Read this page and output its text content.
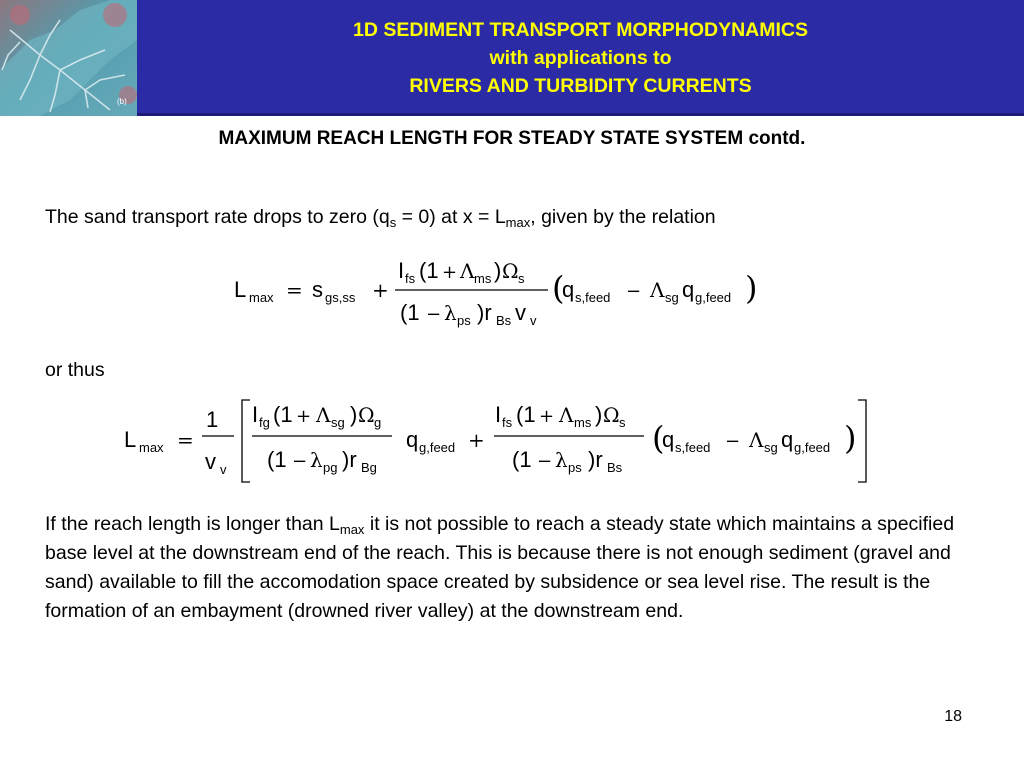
(b)
1D SEDIMENT TRANSPORT MORPHODYNAMICS
with applications to
RIVERS AND TURBIDITY CURRENTS
MAXIMUM REACH LENGTH FOR STEADY STATE SYSTEM contd.
The sand transport rate drops to zero $(q_s = 0)$ at $x = L_{max}$, given by the relation
L max = s gs,ss +
I fs (1 + Λ ms ) Ω s
(1 − λ ps )r Bs v v
(
q s,feed − Λ sg q g,feed )
or thus
L max =
1
v v
I fg (1 + Λ sg ) Ω g
(1 − λ pg )r Bg
q g,feed +
I fs (1 + Λ ms ) Ω s
(1 − λ ps )r Bs
(
q s,feed − Λ sg q g,feed )
If the reach length is longer than $L_{max}$ it is not possible to reach a steady state which maintains a specified base level at the downstream end of the reach. This is because there is not enough sediment (gravel and sand) available to fill the accomodation space created by subsidence or sea level rise. The result is the formation of an embayment (drowned river valley) at the downstream end.
18
